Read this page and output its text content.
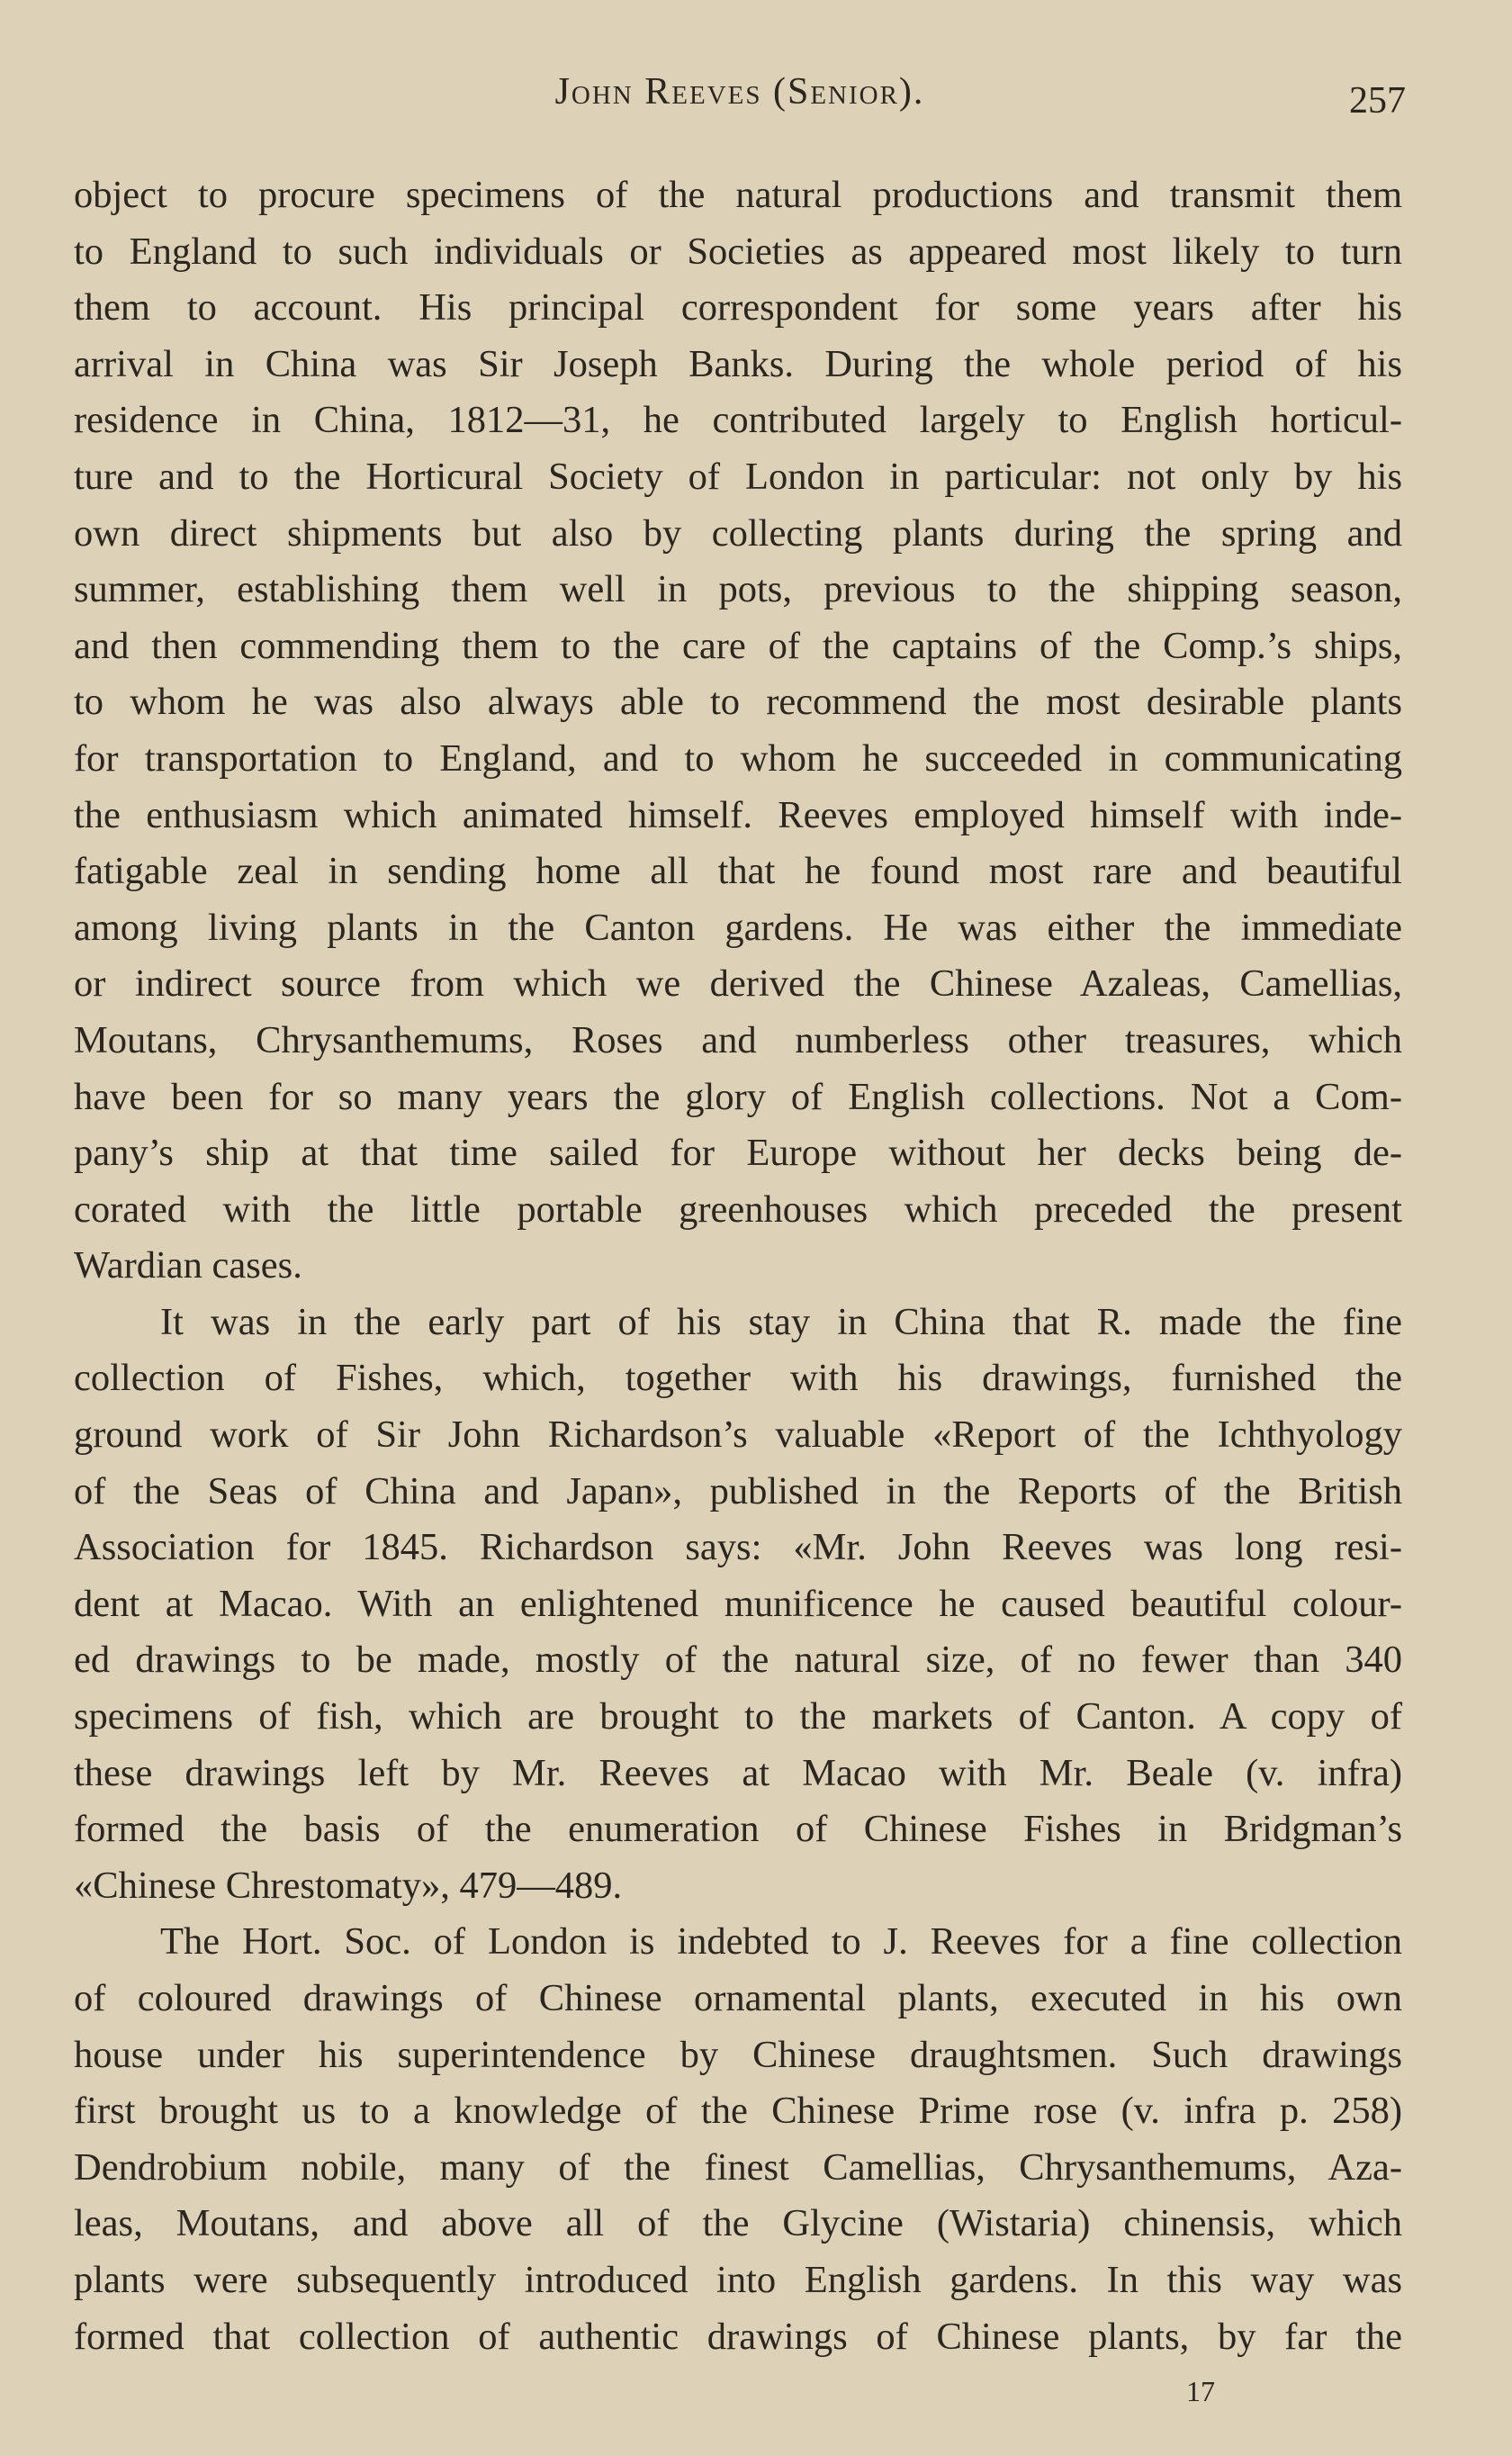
John Reeves (Senior).	257
object to procure specimens of the natural productions and transmit them
to England to such individuals or Societies as appeared most likely to turn
them to account. His principal correspondent for some years after his
arrival in China was Sir Joseph Banks. During the whole period of his
residence in China, 1812—31, he contributed largely to English horticul-
ture and to the Horticural Society of London in particular: not only by his
own direct shipments but also by collecting plants during the spring and
summer, establishing them well in pots, previous to the shipping season,
and then commending them to the care of the captains of the Comp.’s ships,
to whom he was also always able to recommend the most desirable plants
for transportation to England, and to whom he succeeded in communicating
the enthusiasm which animated himself. Reeves employed himself with inde-
fatigable zeal in sending home all that he found most rare and beautiful
among living plants in the Canton gardens. He was either the immediate
or indirect source from which we derived the Chinese Azaleas, Camellias,
Moutans, Chrysanthemums, Roses and numberless other treasures, which
have been for so many years the glory of English collections. Not a Com-
pany’s ship at that time sailed for Europe without her decks being de-
corated with the little portable greenhouses which preceded the present
Wardian cases.
It was in the early part of his stay in China that R. made the fine
collection of Fishes, which, together with his drawings, furnished the
ground work of Sir John Richardson’s valuable «Report of the Ichthyology
of the Seas of China and Japan», published in the Reports of the British
Association for 1845. Richardson says: «Mr. John Reeves was long resi-
dent at Macao. With an enlightened munificence he caused beautiful colour-
ed drawings to be made, mostly of the natural size, of no fewer than 340
specimens of fish, which are brought to the markets of Canton. A copy of
these drawings left by Mr. Reeves at Macao with Mr. Beale (v. infra)
formed the basis of the enumeration of Chinese Fishes in Bridgman’s
«Chinese Chrestomaty», 479—489.
The Hort. Soc. of London is indebted to J. Reeves for a fine collection
of coloured drawings of Chinese ornamental plants, executed in his own
house under his superintendence by Chinese draughtsmen. Such drawings
first brought us to a knowledge of the Chinese Prime rose (v. infra p. 258)
Dendrobium nobile, many of the finest Camellias, Chrysanthemums, Aza-
leas, Moutans, and above all of the Glycine (Wistaria) chinensis, which
plants were subsequently introduced into English gardens. In this way was
formed that collection of authentic drawings of Chinese plants, by far the
17
